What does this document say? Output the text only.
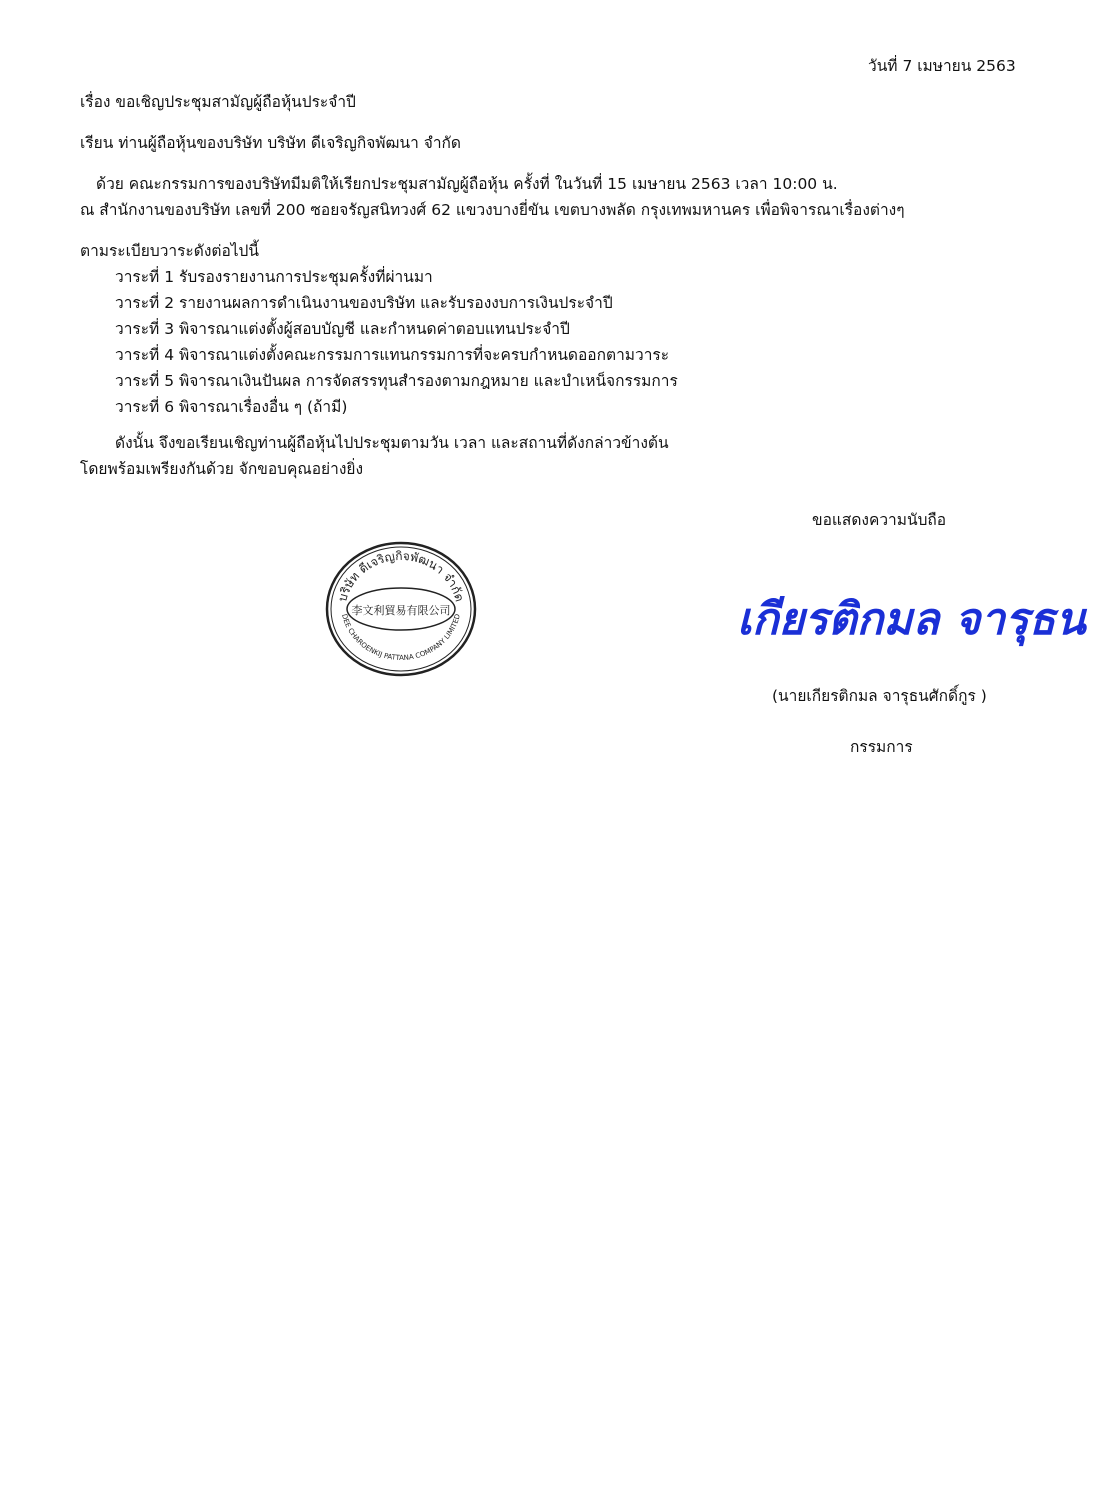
วันที่ 7 เมษายน 2563
เรื่อง ขอเชิญประชุมสามัญผู้ถือหุ้นประจำปี
เรียน ท่านผู้ถือหุ้นของบริษัท บริษัท ดีเจริญกิจพัฒนา จำกัด
ด้วย คณะกรรมการของบริษัทมีมติให้เรียกประชุมสามัญผู้ถือหุ้น ครั้งที่ ในวันที่ 15 เมษายน 2563 เวลา 10:00 น.
ณ สำนักงานของบริษัท เลขที่ 200 ซอยจรัญสนิทวงศ์ 62 แขวงบางยี่ขัน เขตบางพลัด กรุงเทพมหานคร เพื่อพิจารณาเรื่องต่างๆ
ตามระเบียบวาระดังต่อไปนี้
วาระที่ 1 รับรองรายงานการประชุมครั้งที่ผ่านมา
วาระที่ 2 รายงานผลการดำเนินงานของบริษัท และรับรองงบการเงินประจำปี
วาระที่ 3 พิจารณาแต่งตั้งผู้สอบบัญชี และกำหนดค่าตอบแทนประจำปี
วาระที่ 4 พิจารณาแต่งตั้งคณะกรรมการแทนกรรมการที่จะครบกำหนดออกตามวาระ
วาระที่ 5 พิจารณาเงินปันผล การจัดสรรทุนสำรองตามกฎหมาย และบำเหน็จกรรมการ
วาระที่ 6 พิจารณาเรื่องอื่น ๆ (ถ้ามี)
ดังนั้น จึงขอเรียนเชิญท่านผู้ถือหุ้นไปประชุมตามวัน เวลา และสถานที่ดังกล่าวข้างต้น
โดยพร้อมเพรียงกันด้วย จักขอบคุณอย่างยิ่ง
ขอแสดงความนับถือ
บริษัท ดีเจริญกิจพัฒนา จำกัด
李文利貿易有限公司
DEE CHAROENKIJ PATTANA COMPANY LIMITED	เกียรติกมล จารุธน
(นายเกียรติกมล จารุธนศักดิ์กูร )
กรรมการ
